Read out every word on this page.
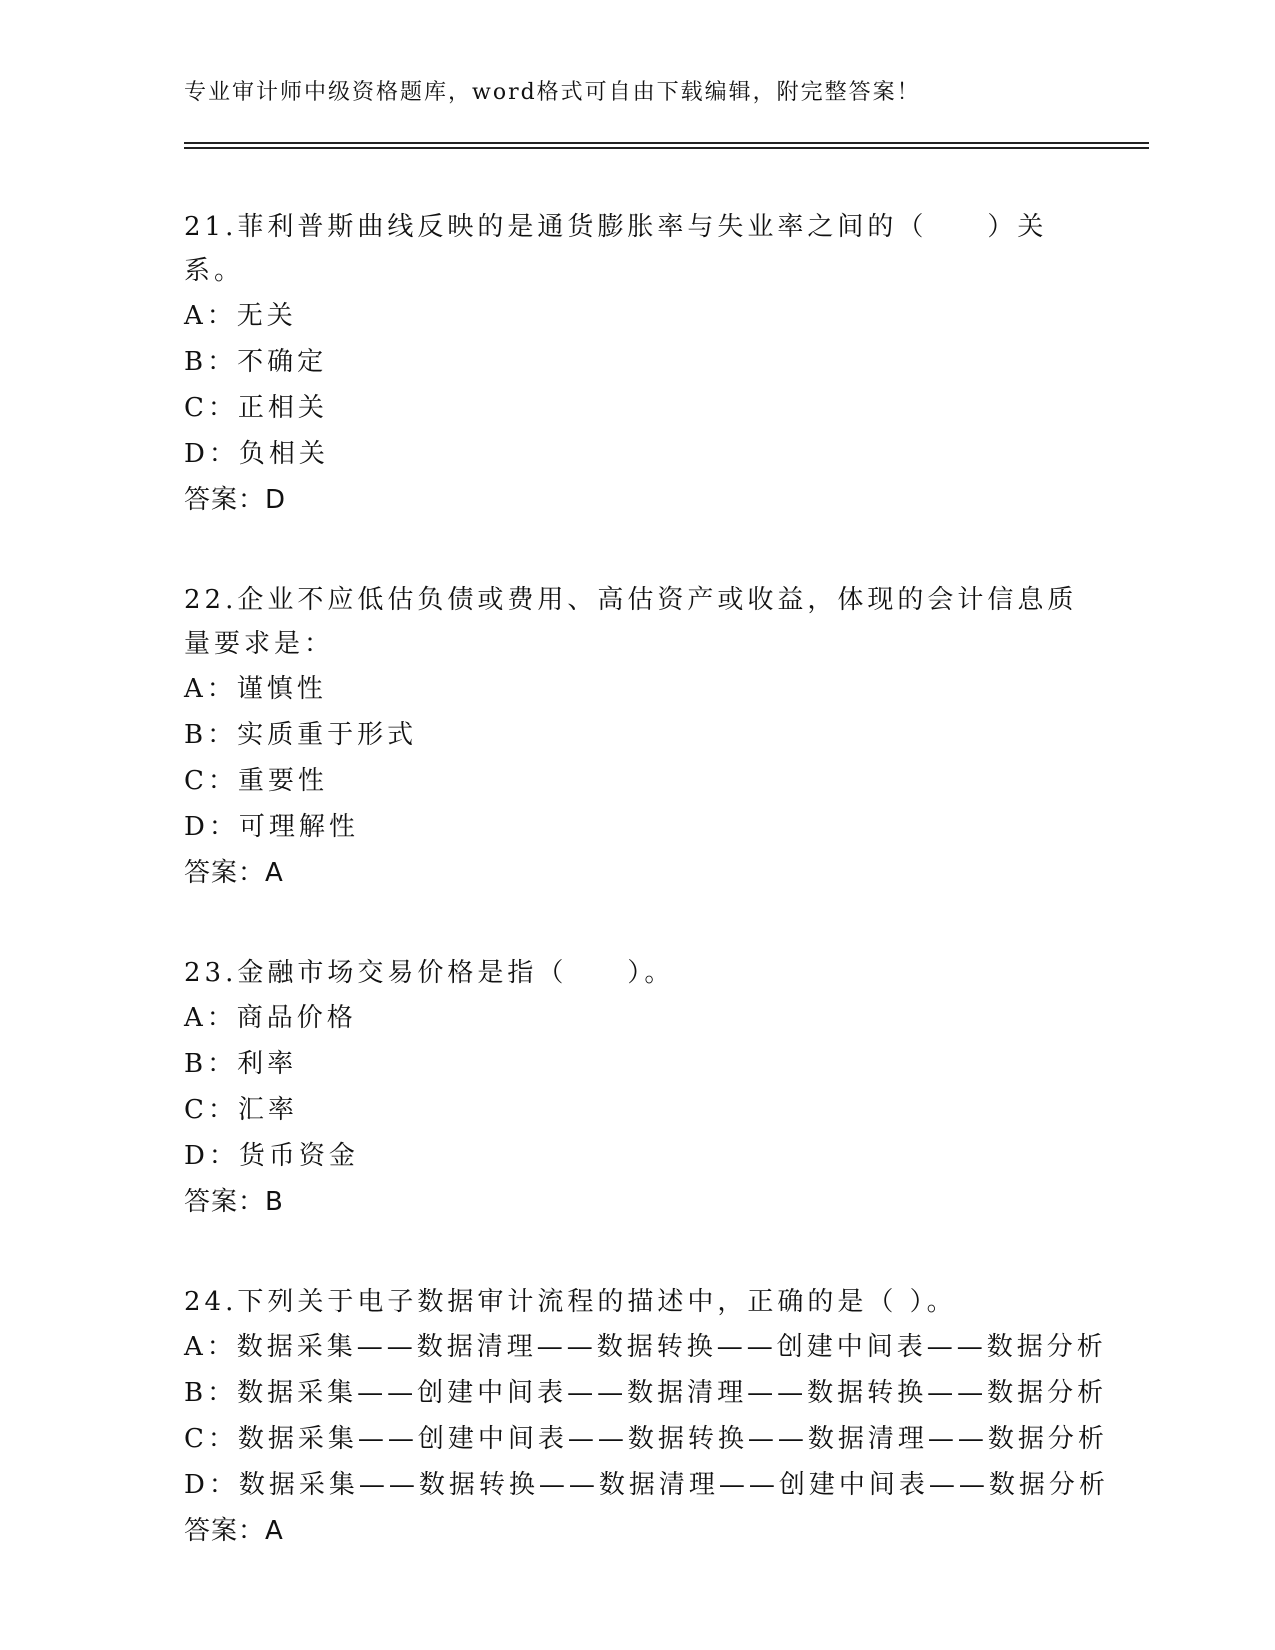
专业审计师中级资格题库，word格式可自由下载编辑，附完整答案！

21.菲利普斯曲线反映的是通货膨胀率与失业率之间的（　　）关系。

A：无关

B：不确定

C：正相关

D：负相关

答案：D

22.企业不应低估负债或费用、高估资产或收益，体现的会计信息质量要求是：

A：谨慎性

B：实质重于形式

C：重要性

D：可理解性

答案：A

23.金融市场交易价格是指（　　）。

A：商品价格

B：利率

C：汇率

D：货币资金

答案：B

24.下列关于电子数据审计流程的描述中，正确的是（ ）。

A：数据采集——数据清理——数据转换——创建中间表——数据分析

B：数据采集——创建中间表——数据清理——数据转换——数据分析

C：数据采集——创建中间表——数据转换——数据清理——数据分析

D：数据采集——数据转换——数据清理——创建中间表——数据分析

答案：A
